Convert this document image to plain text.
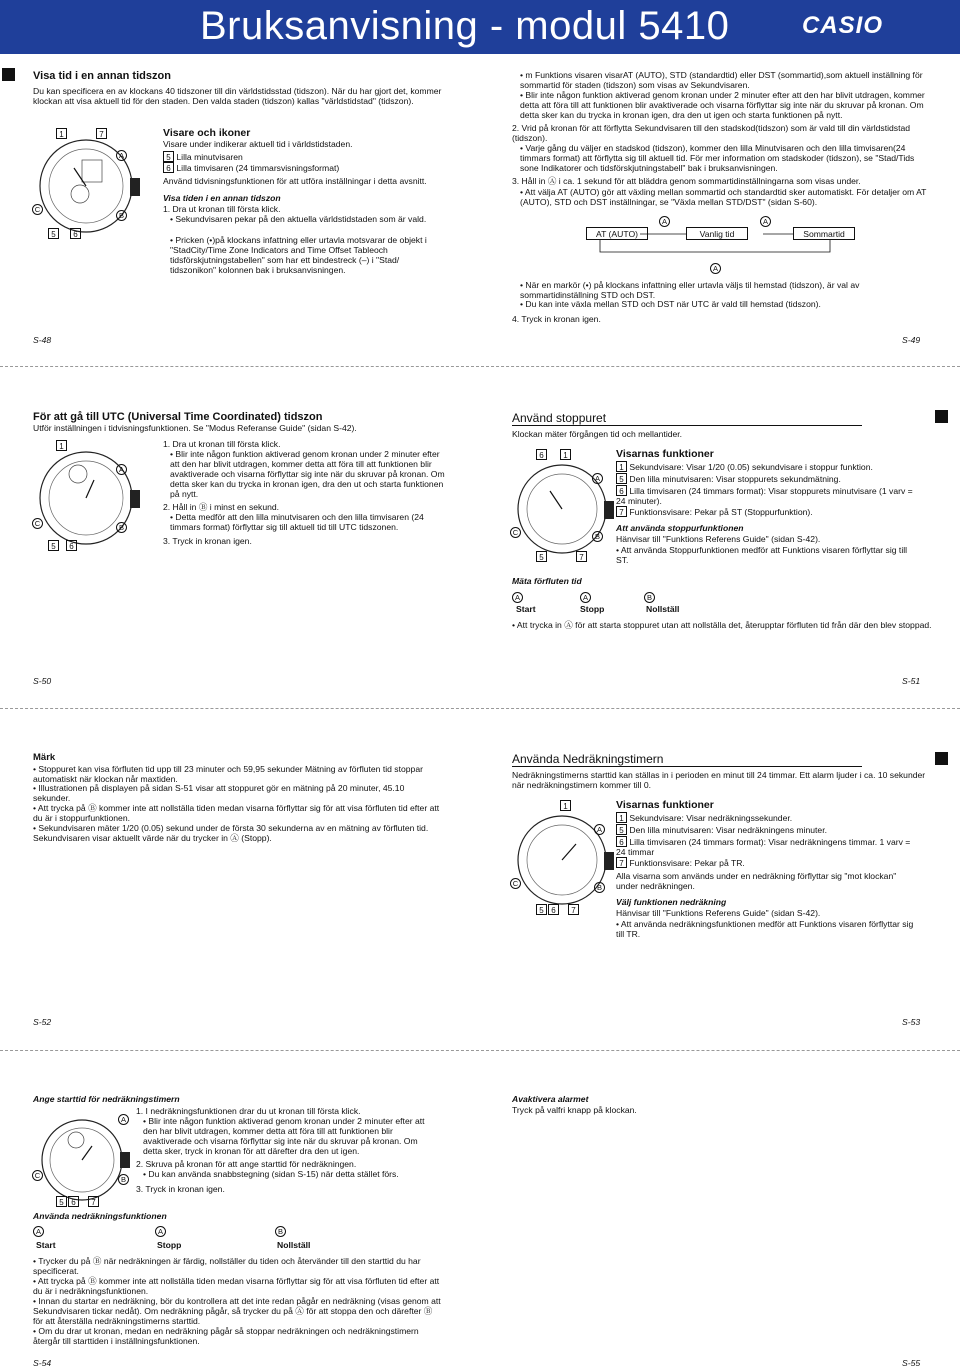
Bruksanvisning - modul 5410	CASIO
Visa tid i en annan tidszon
Du kan specificera en av klockans 40 tidszoner till din världstidsstad (tidszon). När du har gjort det, kommer klockan att visa aktuell tid för den staden. Den valda staden (tidszon) kallas "världstidstad" (tidszon).
1	7
A
B
C
5	6
Visare och ikoner
Visare under indikerar aktuell tid i världstidstaden.
5 Lilla minutvisaren
6 Lilla timvisaren (24 timmarsvisningsformat)
Använd tidvisningsfunktionen för att utföra inställningar i detta avsnitt.
Visa tiden i en annan tidszon
1. Dra ut kronan till första klick.
• Sekundvisaren pekar på den aktuella världstidstaden som är vald.
• Pricken (•)på klockans infattning eller urtavla motsvarar de objekt i "StadCity/Time Zone Indicators and Time Offset Tableoch tidsförskjutningstabellen" som har ett bindestreck (–) i "Stad/ tidszonikon" kolonnen bak i bruksanvisningen.
S-48
• m Funktions visaren visarAT (AUTO), STD (standardtid) eller DST (sommartid),som aktuell inställning för sommartid för staden (tidszon) som visas av Sekundvisaren.
• Blir inte någon funktion aktiverad genom kronan under 2 minuter efter att den har blivit utdragen, kommer detta att föra till att funktionen blir avaktiverade och visarna förflyttar sig inte när du skruvar på kronan. Om detta sker kan du trycka in kronan igen, dra den ut igen och starta funktionen på nytt.
2. Vrid på kronan för att förflytta Sekundvisaren till den stadskod(tidszon) som är vald till din världstidstad (tidszon).
• Varje gång du väljer en stadskod (tidszon), kommer den lilla Minutvisaren och den lilla timvisaren(24 timmars format) att förflytta sig till aktuell tid. För mer information om stadskoder (tidszon), se "Stad/Tids sone Indikatorer och tidsförskjutningstabell" bak i bruksanvisningen.
3. Håll in Ⓐ i ca. 1 sekund för att bläddra genom sommartidinställningarna som visas under.
• Att välja AT (AUTO) gör att växling mellan sommartid och standardtid sker automatiskt. För detaljer om AT (AUTO), STD och DST inställningar, se "Växla mellan STD/DST" (sidan S-60).
A	A
A
AT (AUTO)	Vanlig tid	Sommartid
• När en markör (•) på klockans infattning eller urtavla väljs til hemstad (tidszon), är val av sommartidinställning STD och DST.
• Du kan inte växla mellan STD och DST när UTC är vald till hemstad (tidszon).
4. Tryck in kronan igen.
S-49
För att gå till UTC (Universal Time Coordinated) tidszon
Utför inställningen i tidvisningsfunktionen. Se "Modus Referanse Guide" (sidan S-42).
1
A
B
C
5	6
1. Dra ut kronan till första klick.
• Blir inte någon funktion aktiverad genom kronan under 2 minuter efter att den har blivit utdragen, kommer detta att föra till att funktionen blir avaktiverade och visarna förflyttar sig inte när du skruvar på kronan. Om detta sker kan du trycka in kronan igen, dra den ut och starta funktionen på nytt.
2. Håll in Ⓑ i minst en sekund.
• Detta medför att den lilla minutvisaren och den lilla timvisaren (24 timmars format) förflyttar sig till aktuell tid till UTC tidszonen.
3. Tryck in kronan igen.
S-50
Använd stoppuret
Klockan mäter förgången tid och mellantider.
6	1
A
B
C
5	7
Visarnas funktioner
1 Sekundvisare: Visar 1/20 (0.05) sekundvisare i stoppur funktion.
5 Den lilla minutvisaren: Visar stoppurets sekundmätning.
6 Lilla timvisaren (24 timmars format): Visar stoppurets minutvisare (1 varv = 24 minuter).
7 Funktionsvisare: Pekar på ST (Stoppurfunktion).
Att använda stoppurfunktionen
Hänvisar till "Funktions Referens Guide" (sidan S-42).
• Att använda Stoppurfunktionen medför att Funktions visaren förflyttar sig till ST.
Mäta förfluten tid
A	A	B
Start	Stopp	Nollställ
• Att trycka in Ⓐ för att starta stoppuret utan att nollställa det, återupptar förfluten tid från där den blev stoppad.
S-51
Märk
• Stoppuret kan visa förfluten tid upp till 23 minuter och 59,95 sekunder Mätning av förfluten tid stoppar automatiskt när klockan når maxtiden.
• Illustrationen på displayen på sidan S-51 visar att stoppuret gör en mätning på 20 minuter, 45.10 sekunder.
• Att trycka på Ⓑ kommer inte att nollställa tiden medan visarna förflyttar sig för att visa förfluten tid efter att du är i stoppurfunktionen.
• Sekundvisaren mäter 1/20 (0.05) sekund under de första 30 sekunderna av en mätning av förfluten tid. Sekundvisaren visar aktuellt värde när du trycker in Ⓐ (Stopp).
S-52
Använda Nedräkningstimern
Nedräkningstimerns starttid kan ställas in i perioden en minut till 24 timmar. Ett alarm ljuder i ca. 10 sekunder när nedräkningstimern kommer till 0.
1
A
B
C
5 6	7
Visarnas funktioner
1 Sekundvisare: Visar nedräkningssekunder.
5 Den lilla minutvisaren: Visar nedräkningens minuter.
6 Lilla timvisaren (24 timmars format): Visar nedräkningens timmar. 1 varv = 24 timmar
7 Funktionsvisare: Pekar på TR.
Alla visarna som används under en nedräkning förflyttar sig "mot klockan" under nedräkningen.
Välj funktionen nedräkning
Hänvisar till "Funktions Referens Guide" (sidan S-42).
• Att använda nedräkningsfunktionen medför att Funktions visaren förflyttar sig till TR.
S-53
Ange starttid för nedräkningstimern
A
B
C
5 6	7
1. I nedräkningsfunktionen drar du ut kronan till första klick.
• Blir inte någon funktion aktiverad genom kronan under 2 minuter efter att den har blivit utdragen, kommer detta att föra till att funktionen blir avaktiverade och visarna förflyttar sig inte när du skruvar på kronan. Om detta sker, tryck in kronan för att därefter dra den ut igen.
2. Skruva på kronan för att ange starttid för nedräkningen.
• Du kan använda snabbstegning (sidan S-15) när detta stället förs.
3. Tryck in kronan igen.
Använda nedräkningsfunktionen
A	A	B
Start	Stopp	Nollställ
• Trycker du på Ⓑ när nedräkningen är färdig, nollställer du tiden och återvänder till den starttid du har specificerat.
• Att trycka på Ⓑ kommer inte att nollställa tiden medan visarna förflyttar sig för att visa förfluten tid efter att du är i nedräkningsfunktionen.
• Innan du startar en nedräkning, bör du kontrollera att det inte redan pågår en nedräkning (visas genom att Sekundvisaren tickar nedåt). Om nedräkning pågår, så trycker du på Ⓐ för att stoppa den och därefter Ⓑ för att återställa nedräkningstimerns starttid.
• Om du drar ut kronan, medan en nedräkning pågår så stoppar nedräkningen och nedräkningstimern återgår till starttiden i inställningsfunktionen.
S-54
Avaktivera alarmet
Tryck på valfri knapp på klockan.
S-55
